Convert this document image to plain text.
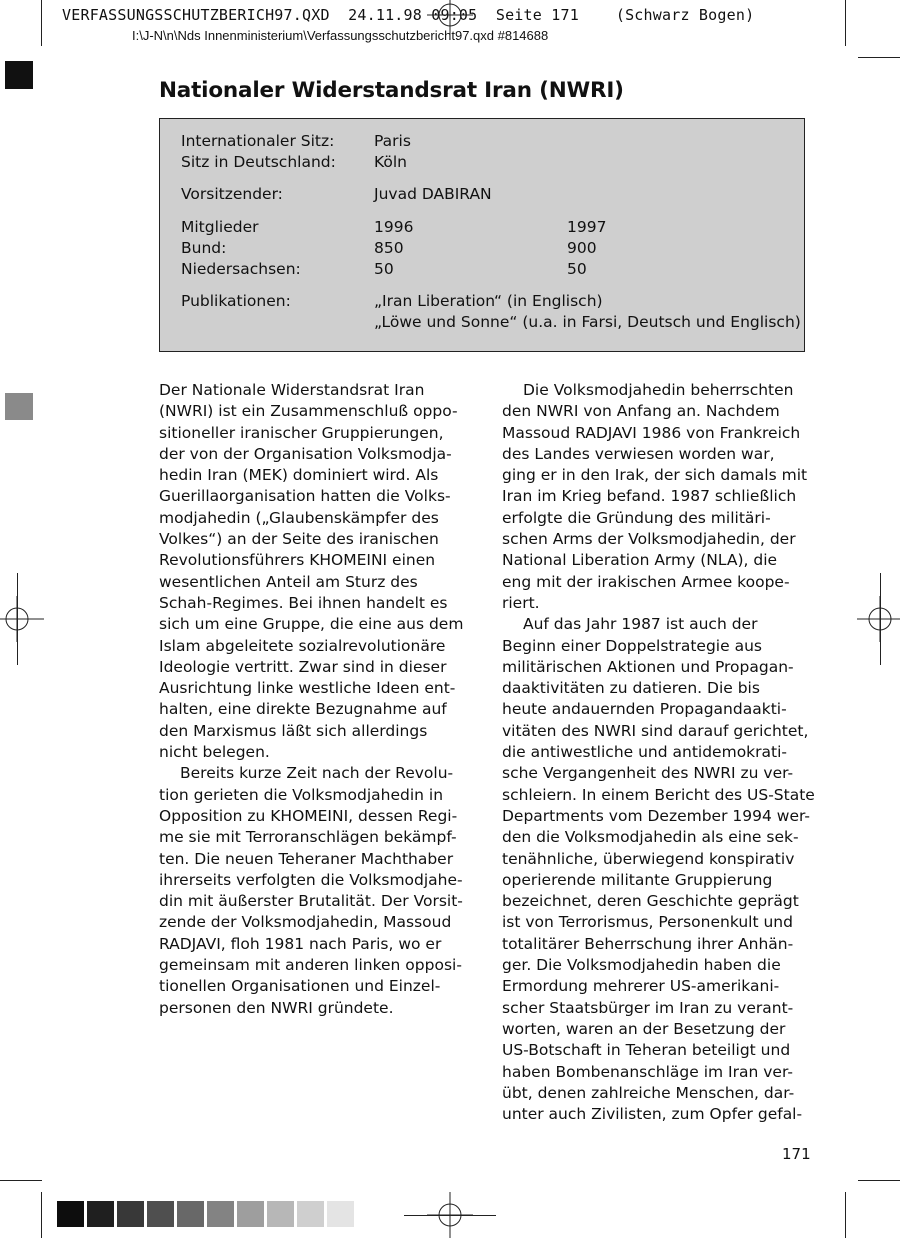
VERFASSUNGSSCHUTZBERICH97.QXD  24.11.98 09:05  Seite 171    (Schwarz Bogen)
I:\J-N\n\Nds Innenministerium\Verfassungsschutzbericht97.qxd #814688
Nationaler Widerstandsrat Iran (NWRI)
Internationaler Sitz:	Paris
Sitz in Deutschland: Köln
Vorsitzender:	Juvad DABIRAN
Mitglieder	1996	1997
Bund:	850	900
Niedersachsen:	50	50
Publikationen:	„Iran Liberation“ (in Englisch)
„Löwe und Sonne“ (u.a. in Farsi, Deutsch und Englisch)

Der Nationale Widerstandsrat Iran
(NWRI) ist ein Zusammenschluß oppo-
sitioneller iranischer Gruppierungen,
der von der Organisation Volksmodja-
hedin Iran (MEK) dominiert wird. Als
Guerillaorganisation hatten die Volks-
modjahedin („Glaubenskämpfer des
Volkes“) an der Seite des iranischen
Revolutionsführers KHOMEINI einen
wesentlichen Anteil am Sturz des
Schah-Regimes. Bei ihnen handelt es
sich um eine Gruppe, die eine aus dem
Islam abgeleitete sozialrevolutionäre
Ideologie vertritt. Zwar sind in dieser
Ausrichtung linke westliche Ideen ent-
halten, eine direkte Bezugnahme auf
den Marxismus läßt sich allerdings
nicht belegen.

Bereits kurze Zeit nach der Revolu-
tion gerieten die Volksmodjahedin in
Opposition zu KHOMEINI, dessen Regi-
me sie mit Terroranschlägen bekämpf-
ten. Die neuen Teheraner Machthaber
ihrerseits verfolgten die Volksmodjahe-
din mit äußerster Brutalität. Der Vorsit-
zende der Volksmodjahedin, Massoud
RADJAVI, floh 1981 nach Paris, wo er
gemeinsam mit anderen linken opposi-
tionellen Organisationen und Einzel-
personen den NWRI gründete.

Die Volksmodjahedin beherrschten
den NWRI von Anfang an. Nachdem
Massoud RADJAVI 1986 von Frankreich
des Landes verwiesen worden war,
ging er in den Irak, der sich damals mit
Iran im Krieg befand. 1987 schließlich
erfolgte die Gründung des militäri-
schen Arms der Volksmodjahedin, der
National Liberation Army (NLA), die
eng mit der irakischen Armee koope-
riert.

Auf das Jahr 1987 ist auch der
Beginn einer Doppelstrategie aus
militärischen Aktionen und Propagan-
daaktivitäten zu datieren. Die bis
heute andauernden Propagandaakti-
vitäten des NWRI sind darauf gerichtet,
die antiwestliche und antidemokrati-
sche Vergangenheit des NWRI zu ver-
schleiern. In einem Bericht des US-State
Departments vom Dezember 1994 wer-
den die Volksmodjahedin als eine sek-
tenähnliche, überwiegend konspirativ
operierende militante Gruppierung
bezeichnet, deren Geschichte geprägt
ist von Terrorismus, Personenkult und
totalitärer Beherrschung ihrer Anhän-
ger. Die Volksmodjahedin haben die
Ermordung mehrerer US-amerikani-
scher Staatsbürger im Iran zu verant-
worten, waren an der Besetzung der
US-Botschaft in Teheran beteiligt und
haben Bombenanschläge im Iran ver-
übt, denen zahlreiche Menschen, dar-
unter auch Zivilisten, zum Opfer gefal-

171
